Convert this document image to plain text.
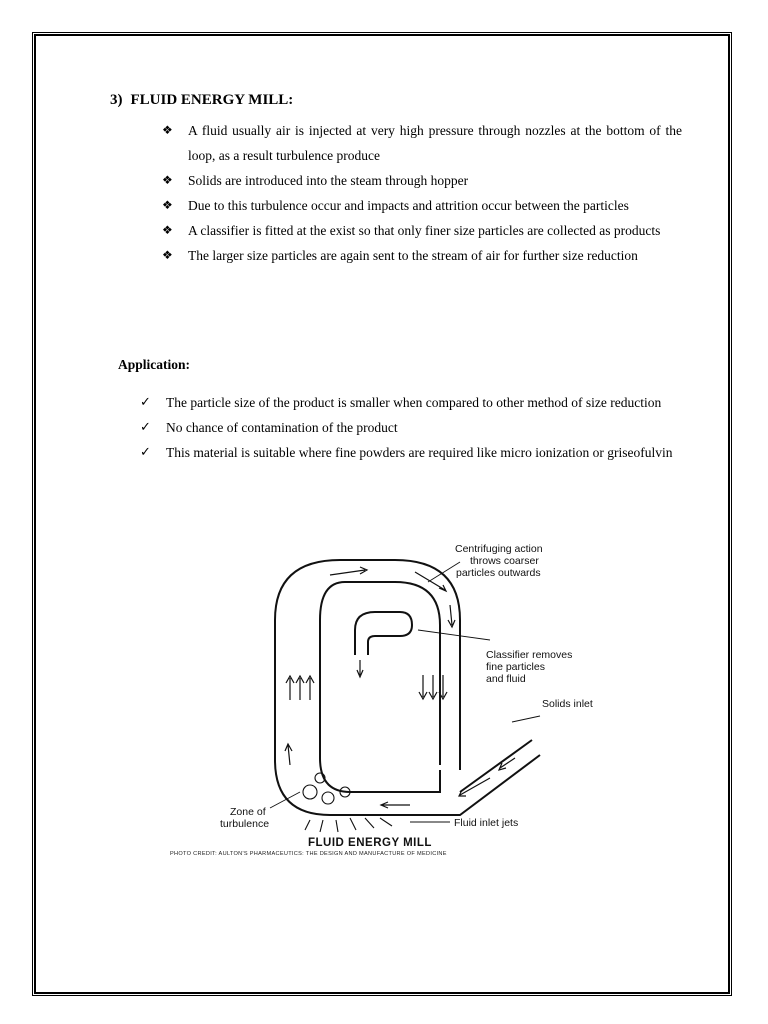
3) FLUID ENERGY MILL:
❖ A fluid usually air is injected at very high pressure through nozzles at the bottom of the loop, as a result turbulence produce
❖ Solids are introduced into the steam through hopper
❖ Due to this turbulence occur and impacts and attrition occur between the particles
❖ A classifier is fitted at the exist so that only finer size particles are collected as products
❖ The larger size particles are again sent to the stream of air for further size reduction
Application:
✓ The particle size of the product is smaller when compared to other method of size reduction
✓ No chance of contamination of the product
✓ This material is suitable where fine powders are required like micro ionization or griseofulvin
Centrifuging action
throws coarser
particles outwards
Classifier removes
fine particles
and fluid
Solids inlet
Zone of
turbulence	Fluid inlet jets
FLUID ENERGY MILL
PHOTO CREDIT: AULTON'S PHARMACEUTICS: THE DESIGN AND MANUFACTURE OF MEDICINE
